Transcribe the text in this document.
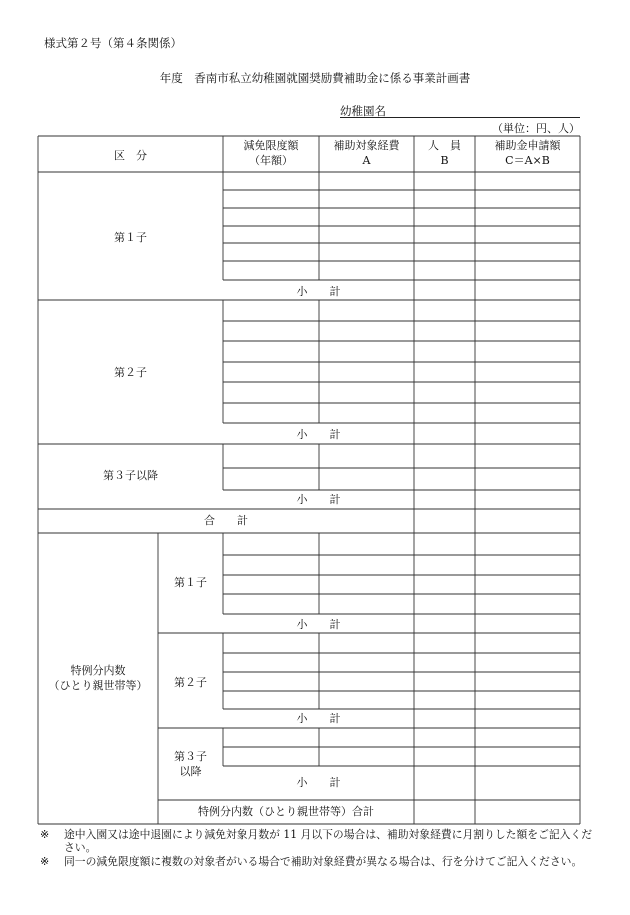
様式第２号（第４条関係）
年度　香南市私立幼稚園就園奨励費補助金に係る事業計画書
幼稚園名
（単位：円、人）
区　分
減免限度額
（年額）
補助対象経費
A
人　員
B
補助金申請額
C＝A×B
第１子
小　　計
第２子
小　　計
第３子以降
小　　計
合　　計
特例分内数
（ひとり親世帯等）
第１子
小　　計
第２子
小　　計
第３子
以降
小　　計
特例分内数（ひとり親世帯等）合計
※	途中入園又は途中退園により減免対象月数が 11 月以下の場合は、補助対象経費に月割りした額をご記入ください。
※	同一の減免限度額に複数の対象者がいる場合で補助対象経費が異なる場合は、行を分けてご記入ください。
